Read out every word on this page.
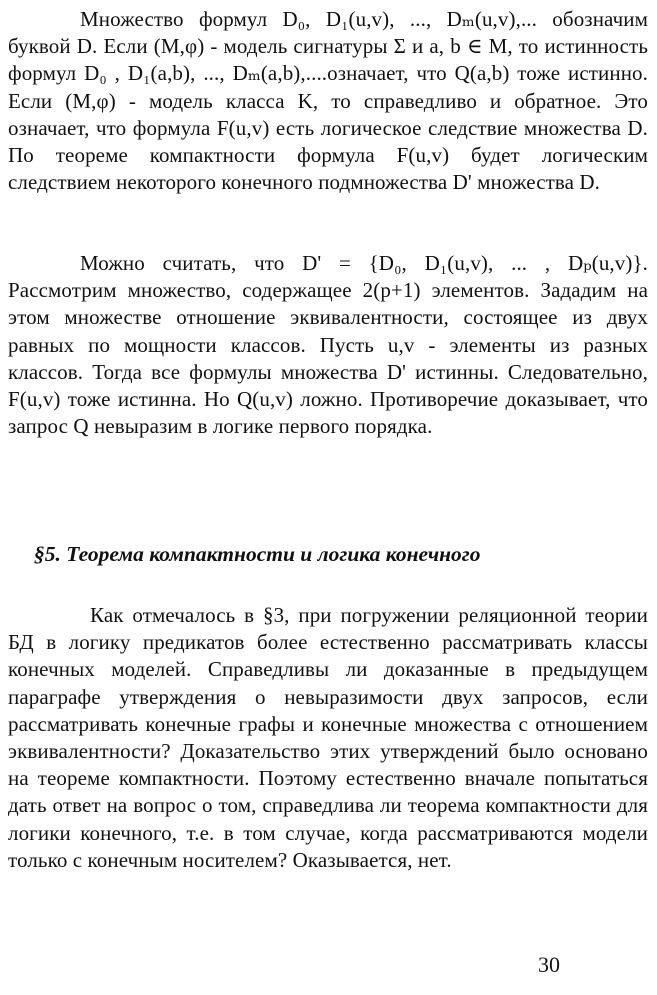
Множество формул D₀, D₁(u,v), ..., Dₘ(u,v),... обозначим буквой D. Если (M,φ) - модель сигнатуры Σ и a, b ∈ M, то истинность формул D₀ , D₁(a,b), ..., Dₘ(a,b),....означает, что Q(a,b) тоже истинно. Если (M,φ) - модель класса K, то справедливо и обратное. Это означает, что формула F(u,v) есть логическое следствие множества D. По теореме компактности формула F(u,v) будет логическим следствием некоторого конечного подмножества D' множества D.
Можно считать, что D' = {D₀, D₁(u,v), ... , Dₚ(u,v)}. Рассмотрим множество, содержащее 2(p+1) элементов. Зададим на этом множестве отношение эквивалентности, состоящее из двух равных по мощности классов. Пусть u,v - элементы из разных классов. Тогда все формулы множества D' истинны. Следовательно, F(u,v) тоже истинна. Но Q(u,v) ложно. Противоречие доказывает, что запрос Q невыразим в логике первого порядка.
§5. Теорема компактности и логика конечного
Как отмечалось в §3, при погружении реляционной теории БД в логику предикатов более естественно рассматривать классы конечных моделей. Справедливы ли доказанные в предыдущем параграфе утверждения о невыразимости двух запросов, если рассматривать конечные графы и конечные множества с отношением эквивалентности? Доказательство этих утверждений было основано на теореме компактности. Поэтому естественно вначале попытаться дать ответ на вопрос о том, справедлива ли теорема компактности для логики конечного, т.е. в том случае, когда рассматриваются модели только с конечным носителем? Оказывается, нет.
30
